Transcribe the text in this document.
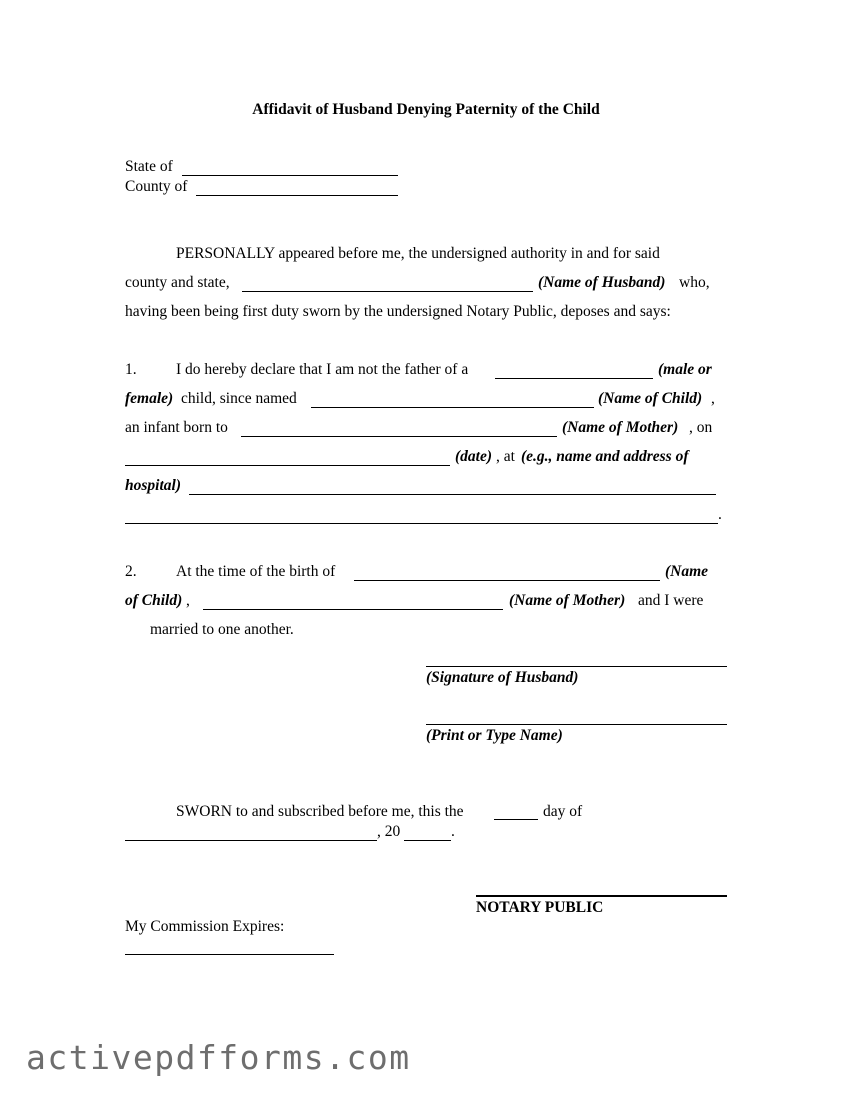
Affidavit of Husband Denying Paternity of the Child
State of
County of
PERSONALLY appeared before me, the undersigned authority in and for said
county and state,	(Name of Husband) who,
having been being first duty sworn by the undersigned Notary Public, deposes and says:
1.	I do hereby declare that I am not the father of a	(male or
female) child, since named	(Name of Child) ,
an infant born to	(Name of Mother) , on
(date) , at (e.g., name and address of
hospital)
.
2.	At the time of the birth of	(Name
of Child) ,	(Name of Mother) and I were
married to one another.
(Signature of Husband)
(Print or Type Name)
SWORN to and subscribed before me, this the	day of
, 20	.
NOTARY PUBLIC
My Commission Expires:
activepdfforms.com
